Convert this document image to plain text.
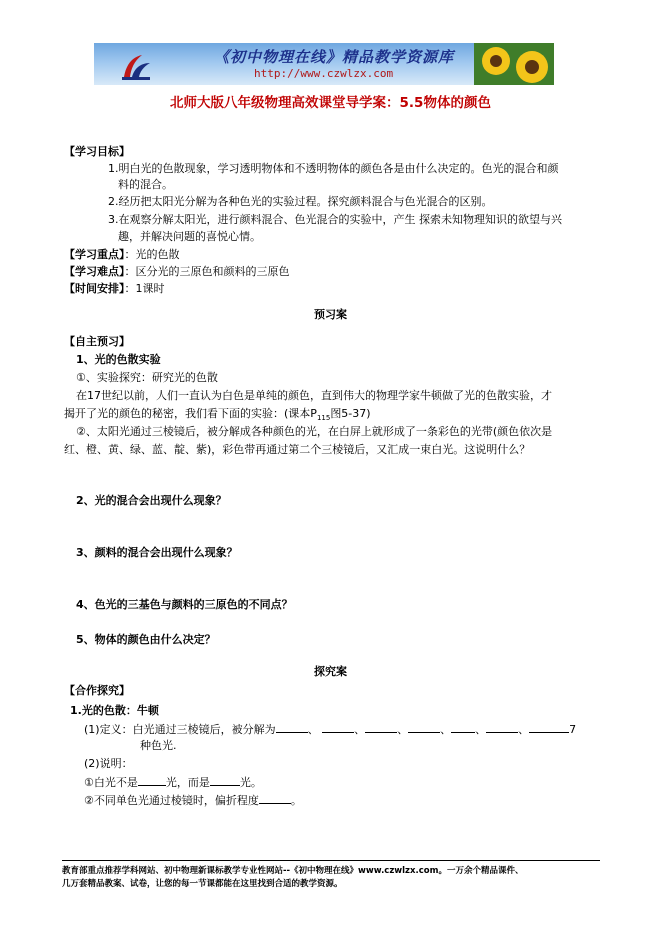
《初中物理在线》精品教学资源库
http://www.czwlzx.com
北师大版八年级物理高效课堂导学案：5.5物体的颜色
【学习目标】
1.明白光的色散现象，学习透明物体和不透明物体的颜色各是由什么决定的。色光的混合和颜
料的混合。
2.经历把太阳光分解为各种色光的实验过程。探究颜料混合与色光混合的区别。
3.在观察分解太阳光，进行颜料混合、色光混合的实验中，产生 探索未知物理知识的欲望与兴
趣，并解决问题的喜悦心情。
【学习重点】：光的色散
【学习难点】：区分光的三原色和颜料的三原色
【时间安排】：1课时
预习案
【自主预习】
1、光的色散实验
①、实验探究：研究光的色散
在17世纪以前，人们一直认为白色是单纯的颜色，直到伟大的物理学家牛顿做了光的色散实验，才
揭开了光的颜色的秘密，我们看下面的实验：(课本$P_{115}$图5-37)
②、太阳光通过三棱镜后，被分解成各种颜色的光，在白屏上就形成了一条彩色的光带(颜色依次是
红、橙、黄、绿、蓝、靛、紫)，彩色带再通过第二个三棱镜后，又汇成一束白光。这说明什么？
2、光的混合会出现什么现象？
3、颜料的混合会出现什么现象？
4、色光的三基色与颜料的三原色的不同点？
5、物体的颜色由什么决定？
探究案
【合作探究】
1.光的色散：牛顿
(1)定义：白光通过三棱镜后，被分解为	、	、	、	、 、	、	7
种色光.
(2)说明：
①白光不是	光，而是	光。
②不同单色光通过棱镜时，偏折程度	。
教育部重点推荐学科网站、初中物理新课标教学专业性网站--《初中物理在线》www.czwlzx.com。一万余个精品课件、
几万套精品教案、试卷，让您的每一节课都能在这里找到合适的教学资源。
